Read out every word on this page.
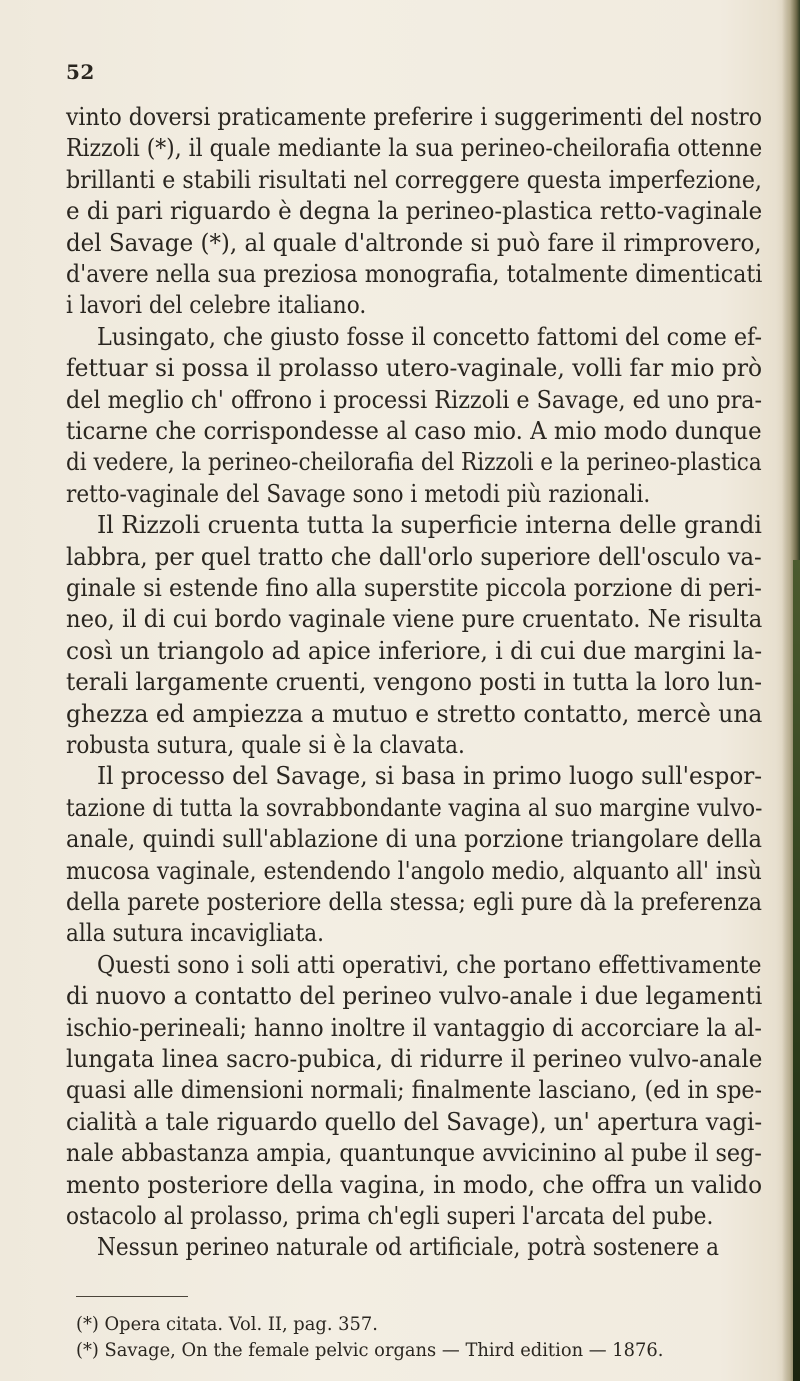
52
vinto doversi praticamente preferire i suggerimenti del nostro
Rizzoli (*), il quale mediante la sua perineo-cheiloraﬁa ottenne
brillanti e stabili risultati nel correggere questa imperfezione,
e di pari riguardo è degna la perineo-plastica retto-vaginale
del Savage (*), al quale d'altronde si può fare il rimprovero,
d'avere nella sua preziosa monograﬁa, totalmente dimenticati
i lavori del celebre italiano.
Lusingato, che giusto fosse il concetto fattomi del come ef-
fettuar si possa il prolasso utero-vaginale, volli far mio prò
del meglio ch' offrono i processi Rizzoli e Savage, ed uno pra-
ticarne che corrispondesse al caso mio. A mio modo dunque
di vedere, la perineo-cheiloraﬁa del Rizzoli e la perineo-plastica
retto-vaginale del Savage sono i metodi più razionali.
Il Rizzoli cruenta tutta la superﬁcie interna delle grandi
labbra, per quel tratto che dall'orlo superiore dell'osculo va-
ginale si estende ﬁno alla superstite piccola porzione di peri-
neo, il di cui bordo vaginale viene pure cruentato. Ne risulta
così un triangolo ad apice inferiore, i di cui due margini la-
terali largamente cruenti, vengono posti in tutta la loro lun-
ghezza ed ampiezza a mutuo e stretto contatto, mercè una
robusta sutura, quale si è la clavata.
Il processo del Savage, si basa in primo luogo sull'espor-
tazione di tutta la sovrabbondante vagina al suo margine vulvo-
anale, quindi sull'ablazione di una porzione triangolare della
mucosa vaginale, estendendo l'angolo medio, alquanto all' insù
della parete posteriore della stessa; egli pure dà la preferenza
alla sutura incavigliata.
Questi sono i soli atti operativi, che portano effettivamente
di nuovo a contatto del perineo vulvo-anale i due legamenti
ischio-perineali; hanno inoltre il vantaggio di accorciare la al-
lungata linea sacro-pubica, di ridurre il perineo vulvo-anale
quasi alle dimensioni normali; ﬁnalmente lasciano, (ed in spe-
cialità a tale riguardo quello del Savage), un' apertura vagi-
nale abbastanza ampia, quantunque avvicinino al pube il seg-
mento posteriore della vagina, in modo, che offra un valido
ostacolo al prolasso, prima ch'egli superi l'arcata del pube.
Nessun perineo naturale od artiﬁciale, potrà sostenere a
(*) Opera citata. Vol. II, pag. 357.
(*) Savage, On the female pelvic organs — Third edition — 1876.
